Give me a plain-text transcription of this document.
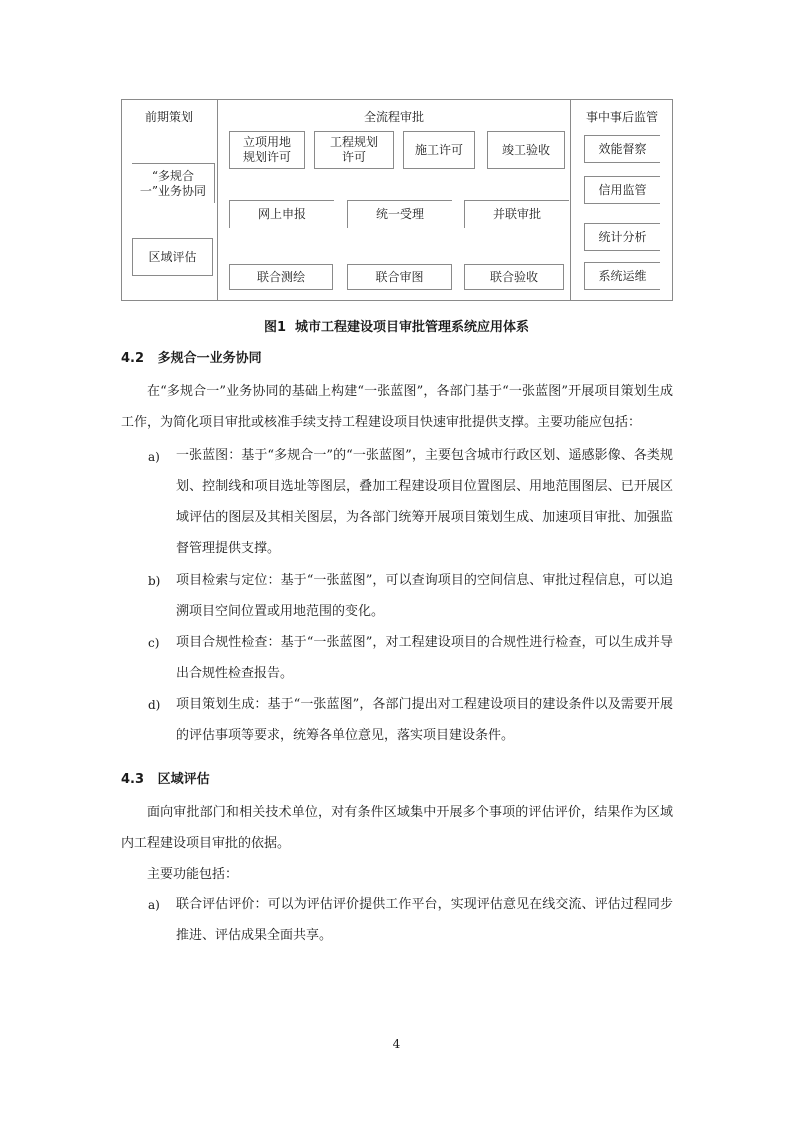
前期策划	全流程审批	事中事后监管
“多规合一”业务协同
区域评估
立项用地规划许可
工程规划许可
施工许可	竣工验收
网上申报	统一受理	并联审批
联合测绘	联合审图	联合验收
效能督察
信用监管
统计分析
系统运维
图1 城市工程建设项目审批管理系统应用体系
4.2 多规合一业务协同
在“多规合一”业务协同的基础上构建“一张蓝图”，各部门基于“一张蓝图”开展项目策划生成工作，为简化项目审批或核准手续支持工程建设项目快速审批提供支撑。主要功能应包括：
a) 一张蓝图：基于“多规合一”的“一张蓝图”，主要包含城市行政区划、遥感影像、各类规划、控制线和项目选址等图层，叠加工程建设项目位置图层、用地范围图层、已开展区域评估的图层及其相关图层，为各部门统筹开展项目策划生成、加速项目审批、加强监督管理提供支撑。
b) 项目检索与定位：基于“一张蓝图”，可以查询项目的空间信息、审批过程信息，可以追溯项目空间位置或用地范围的变化。
c) 项目合规性检查：基于“一张蓝图”，对工程建设项目的合规性进行检查，可以生成并导出合规性检查报告。
d) 项目策划生成：基于“一张蓝图”，各部门提出对工程建设项目的建设条件以及需要开展的评估事项等要求，统筹各单位意见，落实项目建设条件。
4.3 区域评估
面向审批部门和相关技术单位，对有条件区域集中开展多个事项的评估评价，结果作为区域内工程建设项目审批的依据。
主要功能包括：
a) 联合评估评价：可以为评估评价提供工作平台，实现评估意见在线交流、评估过程同步推进、评估成果全面共享。
4
